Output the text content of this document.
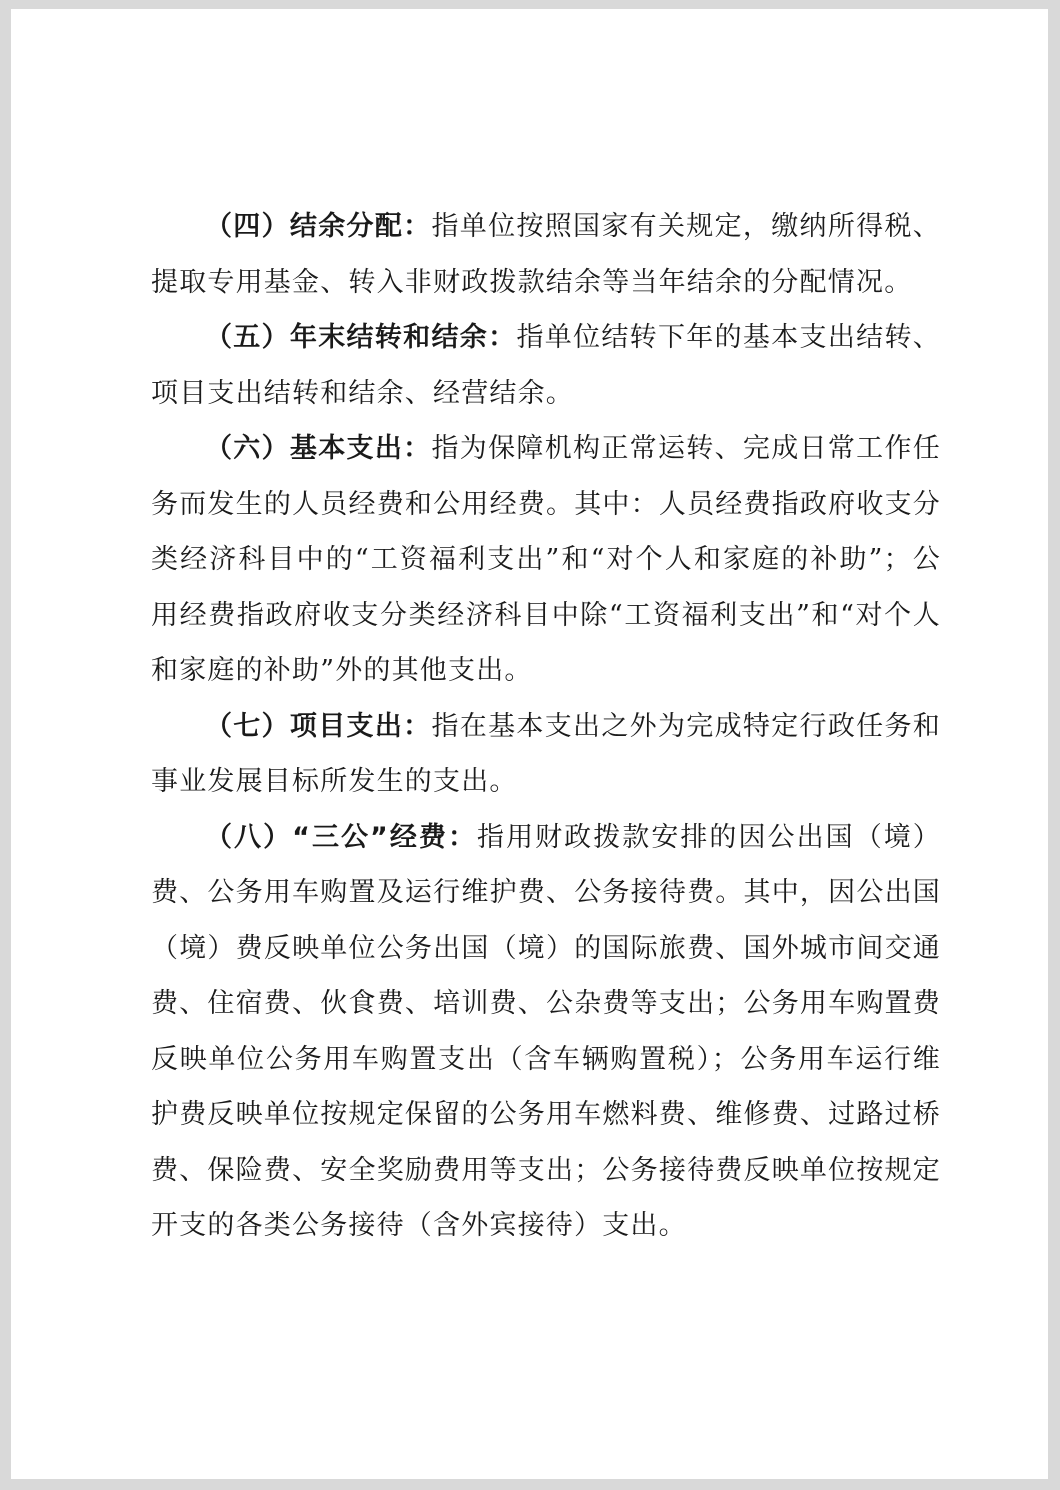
（四）结余分配：指单位按照国家有关规定，缴纳所得税、提取专用基金、转入非财政拨款结余等当年结余的分配情况。

（五）年末结转和结余：指单位结转下年的基本支出结转、项目支出结转和结余、经营结余。

（六）基本支出：指为保障机构正常运转、完成日常工作任务而发生的人员经费和公用经费。其中：人员经费指政府收支分类经济科目中的“工资福利支出”和“对个人和家庭的补助”；公用经费指政府收支分类经济科目中除“工资福利支出”和“对个人和家庭的补助”外的其他支出。

（七）项目支出：指在基本支出之外为完成特定行政任务和事业发展目标所发生的支出。

（八）“三公”经费：指用财政拨款安排的因公出国（境）费、公务用车购置及运行维护费、公务接待费。其中，因公出国（境）费反映单位公务出国（境）的国际旅费、国外城市间交通费、住宿费、伙食费、培训费、公杂费等支出；公务用车购置费反映单位公务用车购置支出（含车辆购置税）；公务用车运行维护费反映单位按规定保留的公务用车燃料费、维修费、过路过桥费、保险费、安全奖励费用等支出；公务接待费反映单位按规定开支的各类公务接待（含外宾接待）支出。
